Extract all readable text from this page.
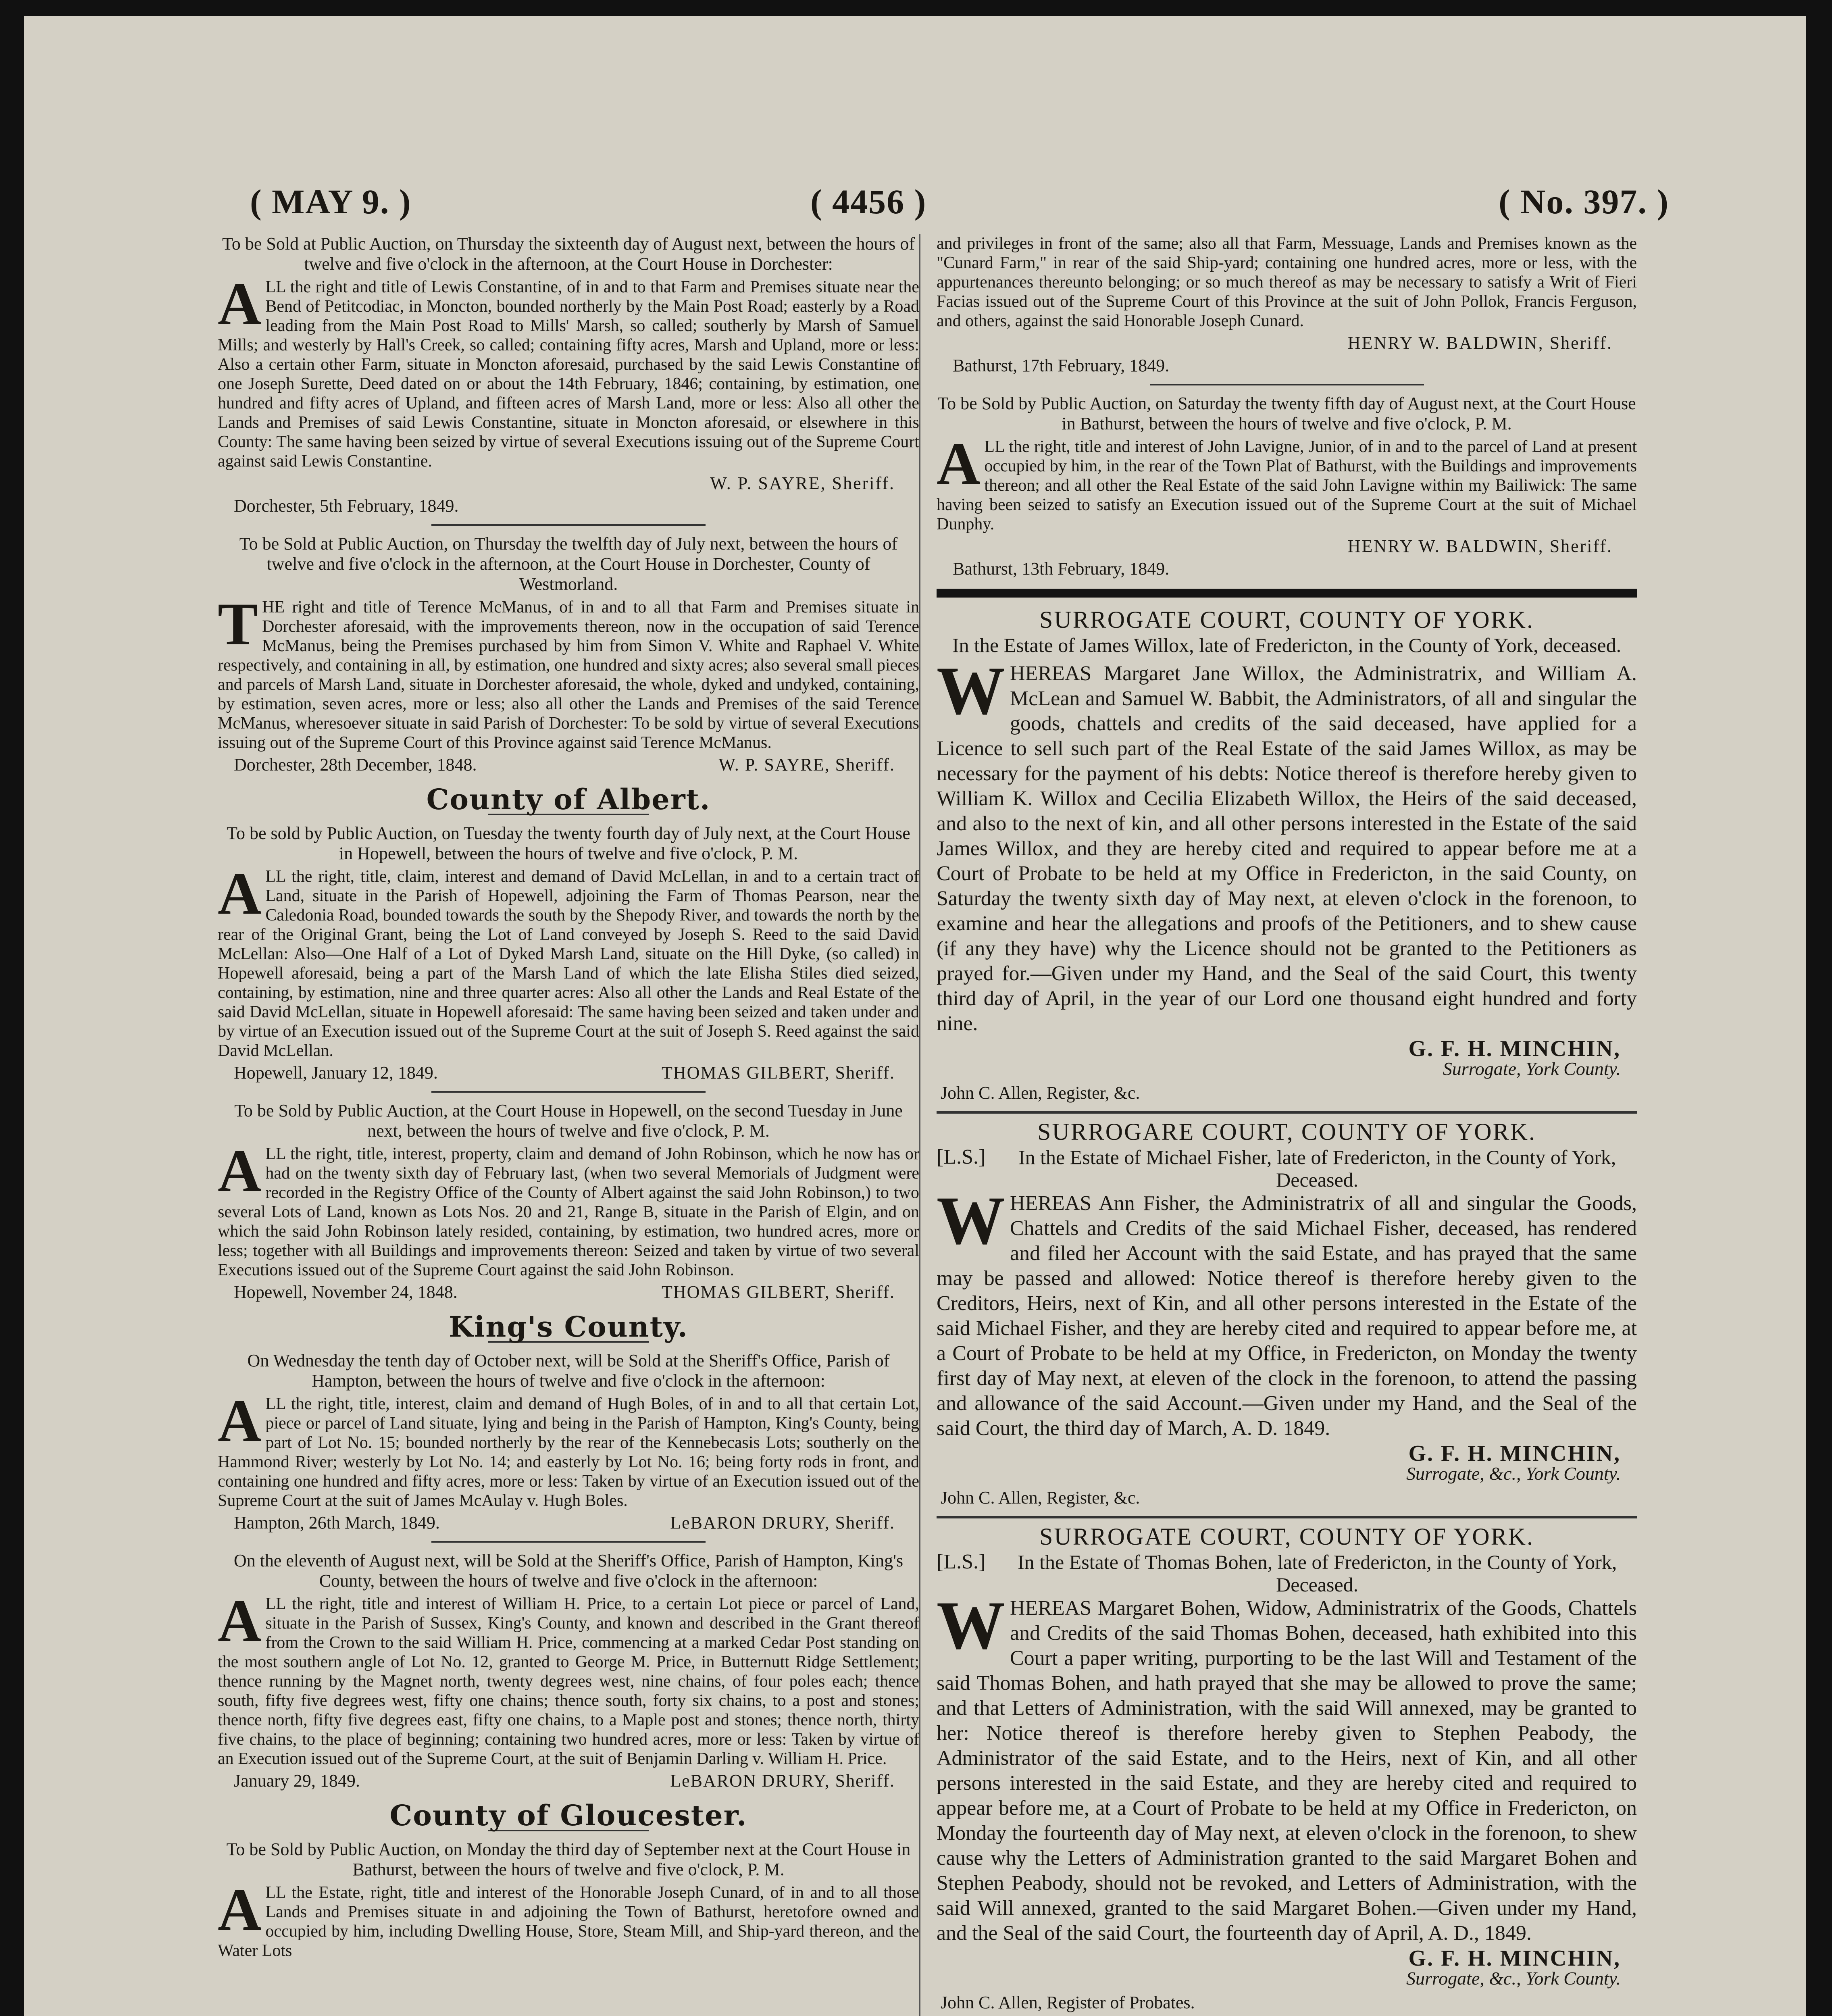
( MAY 9. )	( 4456 )	( No. 397. )

To be Sold at Public Auction, on Thursday the sixteenth day of August next, between the hours of twelve and five o'clock in the afternoon, at the Court House in Dorchester:

ALL the right and title of Lewis Constantine, of in and to that Farm and Premises situate near the Bend of Petitcodiac, in Moncton, bounded northerly by the Main Post Road; easterly by a Road leading from the Main Post Road to Mills' Marsh, so called; southerly by Marsh of Samuel Mills; and westerly by Hall's Creek, so called; containing fifty acres, Marsh and Upland, more or less: Also a certain other Farm, situate in Moncton aforesaid, purchased by the said Lewis Constantine of one Joseph Surette, Deed dated on or about the 14th February, 1846; containing, by estimation, one hundred and fifty acres of Upland, and fifteen acres of Marsh Land, more or less: Also all other the Lands and Premises of said Lewis Constantine, situate in Moncton aforesaid, or elsewhere in this County: The same having been seized by virtue of several Executions issuing out of the Supreme Court against said Lewis Constantine.

W. P. SAYRE, Sheriff.

Dorchester, 5th February, 1849.

To be Sold at Public Auction, on Thursday the twelfth day of July next, between the hours of twelve and five o'clock in the afternoon, at the Court House in Dorchester, County of Westmorland.

THE right and title of Terence McManus, of in and to all that Farm and Premises situate in Dorchester aforesaid, with the improvements thereon, now in the occupation of said Terence McManus, being the Premises purchased by him from Simon V. White and Raphael V. White respectively, and containing in all, by estimation, one hundred and sixty acres; also several small pieces and parcels of Marsh Land, situate in Dorchester aforesaid, the whole, dyked and undyked, containing, by estimation, seven acres, more or less; also all other the Lands and Premises of the said Terence McManus, wheresoever situate in said Parish of Dorchester: To be sold by virtue of several Executions issuing out of the Supreme Court of this Province against said Terence McManus.

Dorchester, 28th December, 1848.	W. P. SAYRE, Sheriff.
County of Albert.

To be sold by Public Auction, on Tuesday the twenty fourth day of July next, at the Court House in Hopewell, between the hours of twelve and five o'clock, P. M.

ALL the right, title, claim, interest and demand of David McLellan, in and to a certain tract of Land, situate in the Parish of Hopewell, adjoining the Farm of Thomas Pearson, near the Caledonia Road, bounded towards the south by the Shepody River, and towards the north by the rear of the Original Grant, being the Lot of Land conveyed by Joseph S. Reed to the said David McLellan: Also—One Half of a Lot of Dyked Marsh Land, situate on the Hill Dyke, (so called) in Hopewell aforesaid, being a part of the Marsh Land of which the late Elisha Stiles died seized, containing, by estimation, nine and three quarter acres: Also all other the Lands and Real Estate of the said David McLellan, situate in Hopewell aforesaid: The same having been seized and taken under and by virtue of an Execution issued out of the Supreme Court at the suit of Joseph S. Reed against the said David McLellan.

Hopewell, January 12, 1849.	THOMAS GILBERT, Sheriff.

To be Sold by Public Auction, at the Court House in Hopewell, on the second Tuesday in June next, between the hours of twelve and five o'clock, P. M.

ALL the right, title, interest, property, claim and demand of John Robinson, which he now has or had on the twenty sixth day of February last, (when two several Memorials of Judgment were recorded in the Registry Office of the County of Albert against the said John Robinson,) to two several Lots of Land, known as Lots Nos. 20 and 21, Range B, situate in the Parish of Elgin, and on which the said John Robinson lately resided, containing, by estimation, two hundred acres, more or less; together with all Buildings and improvements thereon: Seized and taken by virtue of two several Executions issued out of the Supreme Court against the said John Robinson.

Hopewell, November 24, 1848.	THOMAS GILBERT, Sheriff.
King's County.

On Wednesday the tenth day of October next, will be Sold at the Sheriff's Office, Parish of Hampton, between the hours of twelve and five o'clock in the afternoon:

ALL the right, title, interest, claim and demand of Hugh Boles, of in and to all that certain Lot, piece or parcel of Land situate, lying and being in the Parish of Hampton, King's County, being part of Lot No. 15; bounded northerly by the rear of the Kennebecasis Lots; southerly on the Hammond River; westerly by Lot No. 14; and easterly by Lot No. 16; being forty rods in front, and containing one hundred and fifty acres, more or less: Taken by virtue of an Execution issued out of the Supreme Court at the suit of James McAulay v. Hugh Boles.

Hampton, 26th March, 1849.	LeBARON DRURY, Sheriff.

On the eleventh of August next, will be Sold at the Sheriff's Office, Parish of Hampton, King's County, between the hours of twelve and five o'clock in the afternoon:

ALL the right, title and interest of William H. Price, to a certain Lot piece or parcel of Land, situate in the Parish of Sussex, King's County, and known and described in the Grant thereof from the Crown to the said William H. Price, commencing at a marked Cedar Post standing on the most southern angle of Lot No. 12, granted to George M. Price, in Butternutt Ridge Settlement; thence running by the Magnet north, twenty degrees west, nine chains, of four poles each; thence south, fifty five degrees west, fifty one chains; thence south, forty six chains, to a post and stones; thence north, fifty five degrees east, fifty one chains, to a Maple post and stones; thence north, thirty five chains, to the place of beginning; containing two hundred acres, more or less: Taken by virtue of an Execution issued out of the Supreme Court, at the suit of Benjamin Darling v. William H. Price.

January 29, 1849.	LeBARON DRURY, Sheriff.
County of Gloucester.

To be Sold by Public Auction, on Monday the third day of September next at the Court House in Bathurst, between the hours of twelve and five o'clock, P. M.

ALL the Estate, right, title and interest of the Honorable Joseph Cunard, of in and to all those Lands and Premises situate in and adjoining the Town of Bathurst, heretofore owned and occupied by him, including Dwelling House, Store, Steam Mill, and Ship-yard thereon, and the Water Lots

and privileges in front of the same; also all that Farm, Messuage, Lands and Premises known as the "Cunard Farm," in rear of the said Ship-yard; containing one hundred acres, more or less, with the appurtenances thereunto belonging; or so much thereof as may be necessary to satisfy a Writ of Fieri Facias issued out of the Supreme Court of this Province at the suit of John Pollok, Francis Ferguson, and others, against the said Honorable Joseph Cunard.

HENRY W. BALDWIN, Sheriff.

Bathurst, 17th February, 1849.

To be Sold by Public Auction, on Saturday the twenty fifth day of August next, at the Court House in Bathurst, between the hours of twelve and five o'clock, P. M.

ALL the right, title and interest of John Lavigne, Junior, of in and to the parcel of Land at present occupied by him, in the rear of the Town Plat of Bathurst, with the Buildings and improvements thereon; and all other the Real Estate of the said John Lavigne within my Bailiwick: The same having been seized to satisfy an Execution issued out of the Supreme Court at the suit of Michael Dunphy.

HENRY W. BALDWIN, Sheriff.

Bathurst, 13th February, 1849.

SURROGATE COURT, COUNTY OF YORK.
In the Estate of James Willox, late of Fredericton, in the County of York, deceased.

WHEREAS Margaret Jane Willox, the Administratrix, and William A. McLean and Samuel W. Babbit, the Administrators, of all and singular the goods, chattels and credits of the said deceased, have applied for a Licence to sell such part of the Real Estate of the said James Willox, as may be necessary for the payment of his debts: Notice thereof is therefore hereby given to William K. Willox and Cecilia Elizabeth Willox, the Heirs of the said deceased, and also to the next of kin, and all other persons interested in the Estate of the said James Willox, and they are hereby cited and required to appear before me at a Court of Probate to be held at my Office in Fredericton, in the said County, on Saturday the twenty sixth day of May next, at eleven o'clock in the forenoon, to examine and hear the allegations and proofs of the Petitioners, and to shew cause (if any they have) why the Licence should not be granted to the Petitioners as prayed for.—Given under my Hand, and the Seal of the said Court, this twenty third day of April, in the year of our Lord one thousand eight hundred and forty nine.

G. F. H. MINCHIN,
Surrogate, York County.
John C. Allen, Register, &c.
SURROGARE COURT, COUNTY OF YORK.
[L.S.]	In the Estate of Michael Fisher, late of Fredericton, in the County of York, Deceased.

WHEREAS Ann Fisher, the Administratrix of all and singular the Goods, Chattels and Credits of the said Michael Fisher, deceased, has rendered and filed her Account with the said Estate, and has prayed that the same may be passed and allowed: Notice thereof is therefore hereby given to the Creditors, Heirs, next of Kin, and all other persons interested in the Estate of the said Michael Fisher, and they are hereby cited and required to appear before me, at a Court of Probate to be held at my Office, in Fredericton, on Monday the twenty first day of May next, at eleven of the clock in the forenoon, to attend the passing and allowance of the said Account.—Given under my Hand, and the Seal of the said Court, the third day of March, A. D. 1849.

G. F. H. MINCHIN,
Surrogate, &c., York County.
John C. Allen, Register, &c.
SURROGATE COURT, COUNTY OF YORK.
[L.S.]	In the Estate of Thomas Bohen, late of Fredericton, in the County of York, Deceased.

WHEREAS Margaret Bohen, Widow, Administratrix of the Goods, Chattels and Credits of the said Thomas Bohen, deceased, hath exhibited into this Court a paper writing, purporting to be the last Will and Testament of the said Thomas Bohen, and hath prayed that she may be allowed to prove the same; and that Letters of Administration, with the said Will annexed, may be granted to her: Notice thereof is therefore hereby given to Stephen Peabody, the Administrator of the said Estate, and to the Heirs, next of Kin, and all other persons interested in the said Estate, and they are hereby cited and required to appear before me, at a Court of Probate to be held at my Office in Fredericton, on Monday the fourteenth day of May next, at eleven o'clock in the forenoon, to shew cause why the Letters of Administration granted to the said Margaret Bohen and Stephen Peabody, should not be revoked, and Letters of Administration, with the said Will annexed, granted to the said Margaret Bohen.—Given under my Hand, and the Seal of the said Court, the fourteenth day of April, A. D., 1849.

G. F. H. MINCHIN,
Surrogate, &c., York County.
John C. Allen, Register of Probates.
